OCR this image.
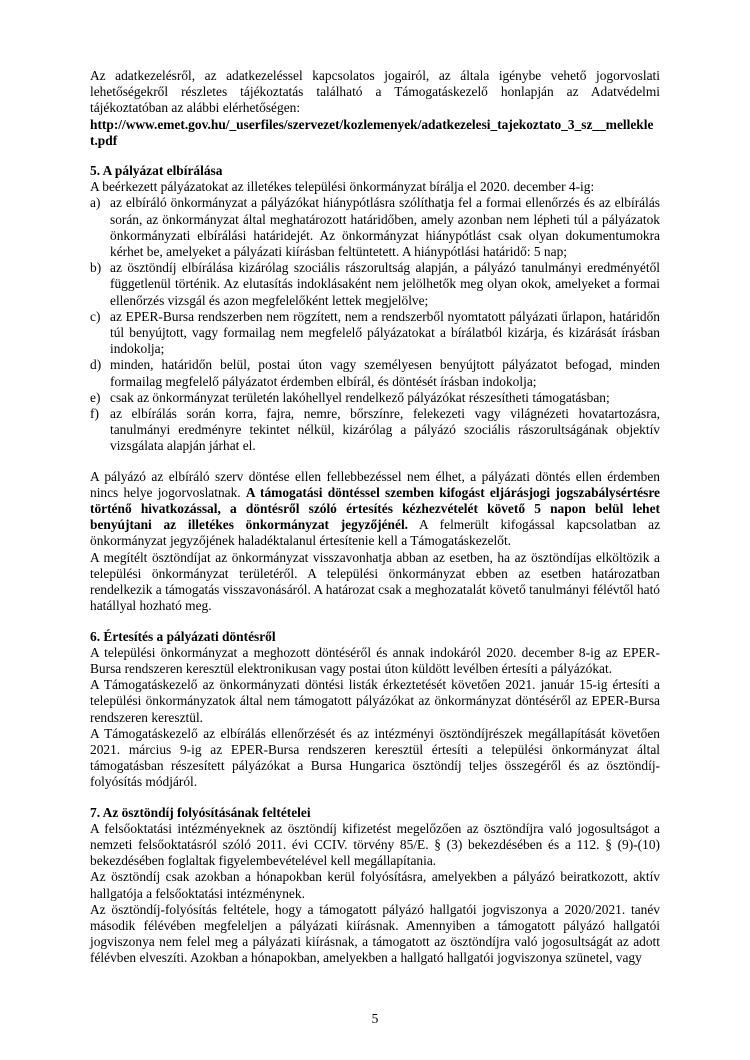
Az adatkezelésről, az adatkezeléssel kapcsolatos jogairól, az általa igénybe vehető jogorvoslati lehetőségekről részletes tájékoztatás található a Támogatáskezelő honlapján az Adatvédelmi tájékoztatóban az alábbi elérhetőségen:

http://www.emet.gov.hu/_userfiles/szervezet/kozlemenyek/adatkezelesi_tajekoztato_3_sz__melleklet.pdf

5. A pályázat elbírálása

A beérkezett pályázatokat az illetékes települési önkormányzat bírálja el 2020. december 4-ig:

a) az elbíráló önkormányzat a pályázókat hiánypótlásra szólíthatja fel a formai ellenőrzés és az elbírálás során, az önkormányzat által meghatározott határidőben, amely azonban nem lépheti túl a pályázatok önkormányzati elbírálási határidejét. Az önkormányzat hiánypótlást csak olyan dokumentumokra kérhet be, amelyeket a pályázati kiírásban feltüntetett. A hiánypótlási határidő: 5 nap;
b) az ösztöndíj elbírálása kizárólag szociális rászorultság alapján, a pályázó tanulmányi eredményétől függetlenül történik. Az elutasítás indoklásaként nem jelölhetők meg olyan okok, amelyeket a formai ellenőrzés vizsgál és azon megfelelőként lettek megjelölve;
c) az EPER-Bursa rendszerben nem rögzített, nem a rendszerből nyomtatott pályázati űrlapon, határidőn túl benyújtott, vagy formailag nem megfelelő pályázatokat a bírálatból kizárja, és kizárását írásban indokolja;
d) minden, határidőn belül, postai úton vagy személyesen benyújtott pályázatot befogad, minden formailag megfelelő pályázatot érdemben elbírál, és döntését írásban indokolja;
e) csak az önkormányzat területén lakóhellyel rendelkező pályázókat részesítheti támogatásban;
f) az elbírálás során korra, fajra, nemre, bőrszínre, felekezeti vagy világnézeti hovatartozásra, tanulmányi eredményre tekintet nélkül, kizárólag a pályázó szociális rászorultságának objektív vizsgálata alapján járhat el.

A pályázó az elbíráló szerv döntése ellen fellebbezéssel nem élhet, a pályázati döntés ellen érdemben nincs helye jogorvoslatnak. A támogatási döntéssel szemben kifogást eljárásjogi jogszabálysértésre történő hivatkozással, a döntésről szóló értesítés kézhezvételét követő 5 napon belül lehet benyújtani az illetékes önkormányzat jegyzőjénél. A felmerült kifogással kapcsolatban az önkormányzat jegyzőjének haladéktalanul értesítenie kell a Támogatáskezelőt.

A megítélt ösztöndíjat az önkormányzat visszavonhatja abban az esetben, ha az ösztöndíjas elköltözik a települési önkormányzat területéről. A települési önkormányzat ebben az esetben határozatban rendelkezik a támogatás visszavonásáról. A határozat csak a meghozatalát követő tanulmányi félévtől ható hatállyal hozható meg.

6. Értesítés a pályázati döntésről

A települési önkormányzat a meghozott döntéséről és annak indokáról 2020. december 8-ig az EPER-Bursa rendszeren keresztül elektronikusan vagy postai úton küldött levélben értesíti a pályázókat.

A Támogatáskezelő az önkormányzati döntési listák érkeztetését követően 2021. január 15-ig értesíti a települési önkormányzatok által nem támogatott pályázókat az önkormányzat döntéséről az EPER-Bursa rendszeren keresztül.

A Támogatáskezelő az elbírálás ellenőrzését és az intézményi ösztöndíjrészek megállapítását követően 2021. március 9-ig az EPER-Bursa rendszeren keresztül értesíti a települési önkormányzat által támogatásban részesített pályázókat a Bursa Hungarica ösztöndíj teljes összegéről és az ösztöndíj-folyósítás módjáról.

7. Az ösztöndíj folyósításának feltételei

A felsőoktatási intézményeknek az ösztöndíj kifizetést megelőzően az ösztöndíjra való jogosultságot a nemzeti felsőoktatásról szóló 2011. évi CCIV. törvény 85/E. § (3) bekezdésében és a 112. § (9)-(10) bekezdésében foglaltak figyelembevételével kell megállapítania.

Az ösztöndíj csak azokban a hónapokban kerül folyósításra, amelyekben a pályázó beiratkozott, aktív hallgatója a felsőoktatási intézménynek.

Az ösztöndíj-folyósítás feltétele, hogy a támogatott pályázó hallgatói jogviszonya a 2020/2021. tanév második félévében megfeleljen a pályázati kiírásnak. Amennyiben a támogatott pályázó hallgatói jogviszonya nem felel meg a pályázati kiírásnak, a támogatott az ösztöndíjra való jogosultságát az adott félévben elveszíti. Azokban a hónapokban, amelyekben a hallgató hallgatói jogviszonya szünetel, vagy

5
